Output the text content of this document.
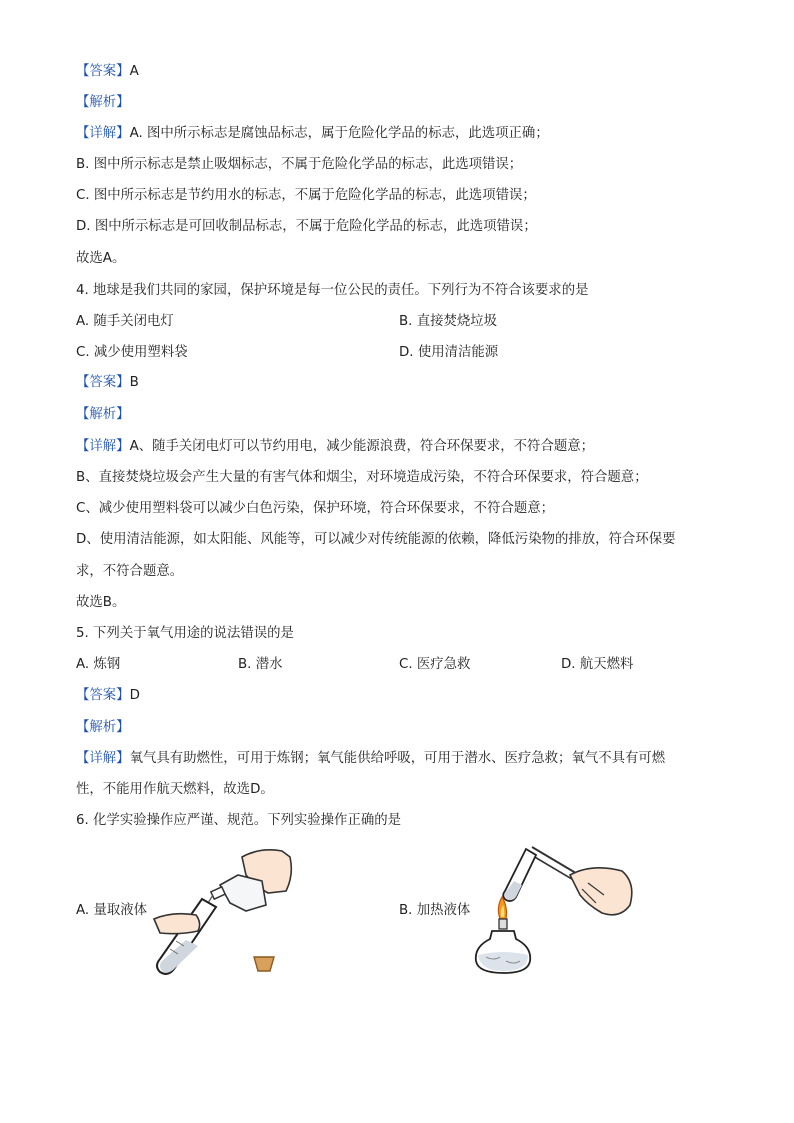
【答案】A
【解析】
【详解】A. 图中所示标志是腐蚀品标志，属于危险化学品的标志，此选项正确；
B. 图中所示标志是禁止吸烟标志，不属于危险化学品的标志，此选项错误；
C. 图中所示标志是节约用水的标志，不属于危险化学品的标志，此选项错误；
D. 图中所示标志是可回收制品标志，不属于危险化学品的标志，此选项错误；
故选A。
4. 地球是我们共同的家园，保护环境是每一位公民的责任。下列行为不符合该要求的是
A. 随手关闭电灯	B. 直接焚烧垃圾
C. 减少使用塑料袋	D. 使用清洁能源
【答案】B
【解析】
【详解】A、随手关闭电灯可以节约用电，减少能源浪费，符合环保要求，不符合题意；
B、直接焚烧垃圾会产生大量的有害气体和烟尘，对环境造成污染，不符合环保要求，符合题意；
C、减少使用塑料袋可以减少白色污染，保护环境，符合环保要求，不符合题意；
D、使用清洁能源，如太阳能、风能等，可以减少对传统能源的依赖，降低污染物的排放，符合环保要
求，不符合题意。
故选B。
5. 下列关于氧气用途的说法错误的是
A. 炼钢	B. 潜水	C. 医疗急救	D. 航天燃料
【答案】D
【解析】
【详解】氧气具有助燃性，可用于炼钢；氧气能供给呼吸，可用于潜水、医疗急救；氧气不具有可燃
性，不能用作航天燃料，故选D。
6. 化学实验操作应严谨、规范。下列实验操作正确的是
A. 量取液体	B. 加热液体
